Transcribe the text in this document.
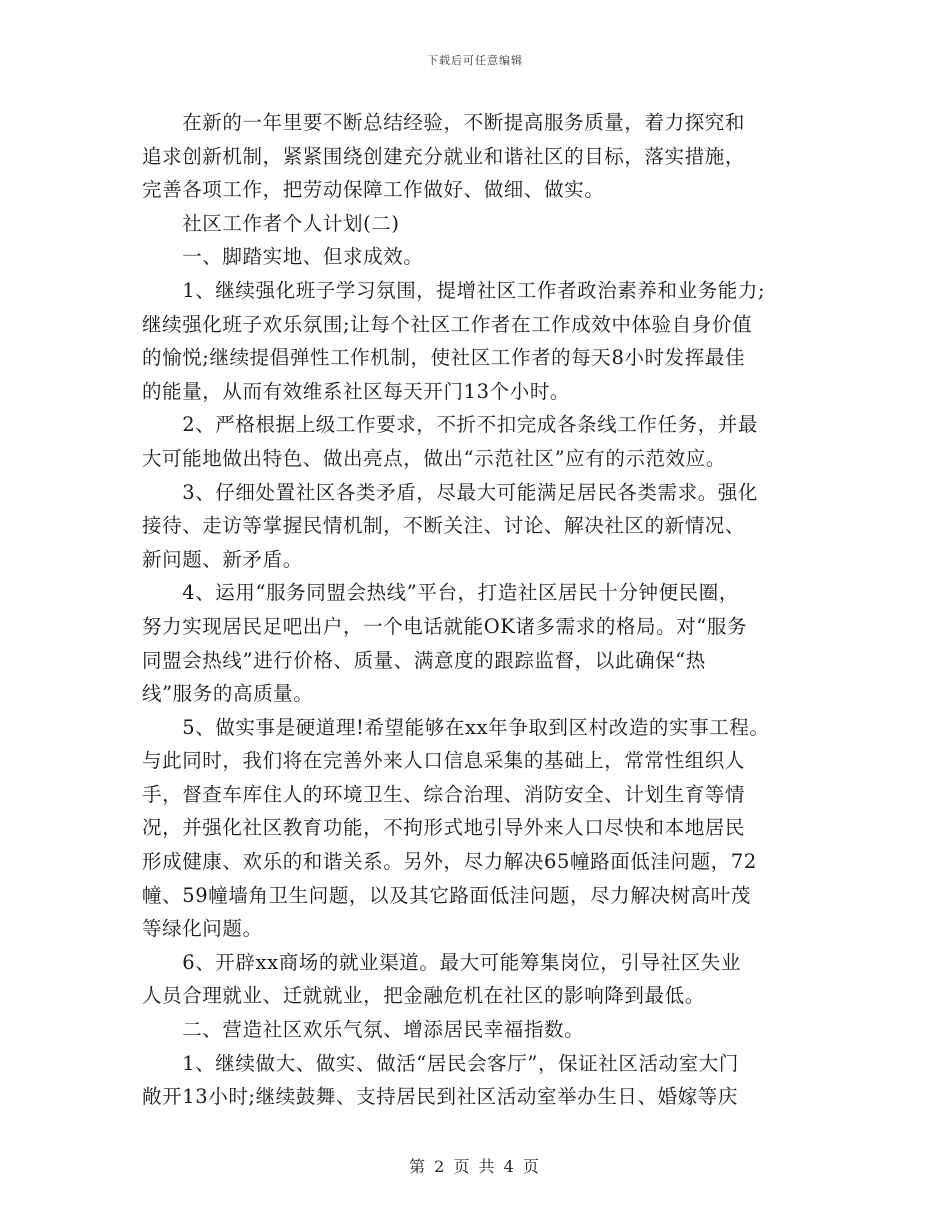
下载后可任意编辑
　　在新的一年里要不断总结经验，不断提高服务质量，着力探究和
追求创新机制，紧紧围绕创建充分就业和谐社区的目标，落实措施，
完善各项工作，把劳动保障工作做好、做细、做实。
　　社区工作者个人计划(二)
　　一、脚踏实地、但求成效。
　　1、继续强化班子学习氛围，提增社区工作者政治素养和业务能力;
继续强化班子欢乐氛围;让每个社区工作者在工作成效中体验自身价值
的愉悦;继续提倡弹性工作机制，使社区工作者的每天8小时发挥最佳
的能量，从而有效维系社区每天开门13个小时。
　　2、严格根据上级工作要求，不折不扣完成各条线工作任务，并最
大可能地做出特色、做出亮点，做出“示范社区”应有的示范效应。
　　3、仔细处置社区各类矛盾，尽最大可能满足居民各类需求。强化
接待、走访等掌握民情机制，不断关注、讨论、解决社区的新情况、
新问题、新矛盾。
　　4、运用“服务同盟会热线”平台，打造社区居民十分钟便民圈，
努力实现居民足吧出户，一个电话就能OK诸多需求的格局。对“服务
同盟会热线”进行价格、质量、满意度的跟踪监督，以此确保“热
线”服务的高质量。
　　5、做实事是硬道理!希望能够在xx年争取到区村改造的实事工程。
与此同时，我们将在完善外来人口信息采集的基础上，常常性组织人
手，督查车库住人的环境卫生、综合治理、消防安全、计划生育等情
况，并强化社区教育功能，不拘形式地引导外来人口尽快和本地居民
形成健康、欢乐的和谐关系。另外，尽力解决65幢路面低洼问题，72
幢、59幢墙角卫生问题，以及其它路面低洼问题，尽力解决树高叶茂
等绿化问题。
　　6、开辟xx商场的就业渠道。最大可能筹集岗位，引导社区失业
人员合理就业、迁就就业，把金融危机在社区的影响降到最低。
　　二、营造社区欢乐气氛、增添居民幸福指数。
　　1、继续做大、做实、做活“居民会客厅”，保证社区活动室大门
敞开13小时;继续鼓舞、支持居民到社区活动室举办生日、婚嫁等庆
第 2 页 共 4 页
